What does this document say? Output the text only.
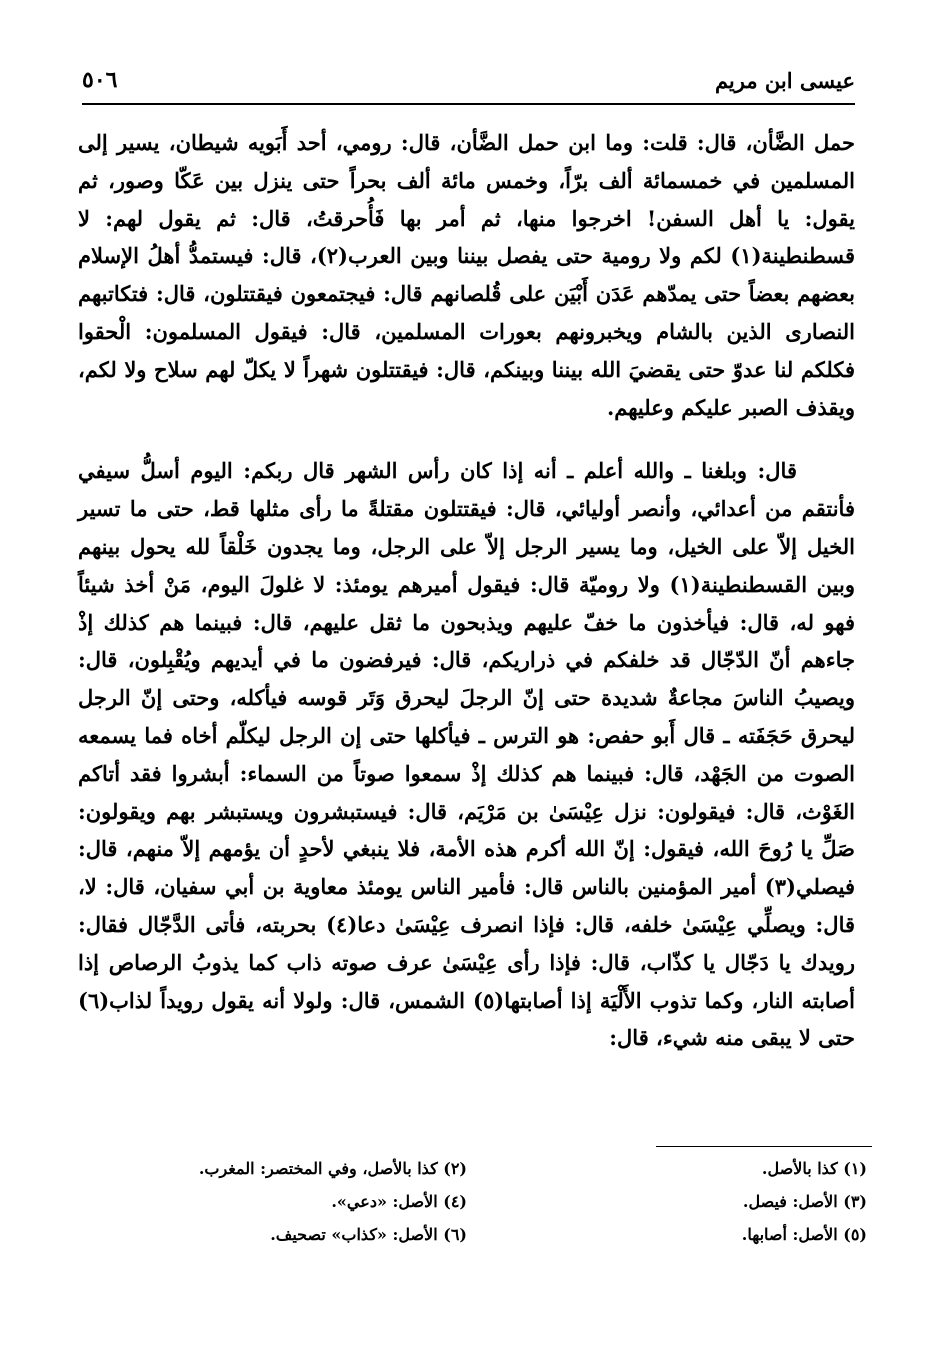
عيسى ابن مريم
٥٠٦

حمل الضَّأن، قال: قلت: وما ابن حمل الضَّأن، قال: رومي، أحد أَبَويه شيطان، يسير إلى المسلمين في خمسمائة ألف برّاً، وخمس مائة ألف بحراً حتى ينزل بين عَكّا وصور، ثم يقول: يا أهل السفن! اخرجوا منها، ثم أمر بها فَأُحرقتُ، قال: ثم يقول لهم: لا قسطنطينة(١) لكم ولا رومية حتى يفصل بيننا وبين العرب(٢)، قال: فيستمدُّ أهلُ الإسلام بعضهم بعضاً حتى يمدّهم عَدَن أَبْيَن على قُلصانهم قال: فيجتمعون فيقتتلون، قال: فتكاتبهم النصارى الذين بالشام ويخبرونهم بعورات المسلمين، قال: فيقول المسلمون: الْحقوا فكلكم لنا عدوّ حتى يقضيَ الله بيننا وبينكم، قال: فيقتتلون شهراً لا يكلّ لهم سلاح ولا لكم، ويقذف الصبر عليكم وعليهم.

قال: وبلغنا ـ والله أعلم ـ أنه إذا كان رأس الشهر قال ربكم: اليوم أسلُّ سيفي فأنتقم من أعدائي، وأنصر أوليائي، قال: فيقتتلون مقتلةً ما رأى مثلها قط، حتى ما تسير الخيل إلاّ على الخيل، وما يسير الرجل إلاّ على الرجل، وما يجدون خَلْقاً لله يحول بينهم وبين القسطنطينة(١) ولا روميّة قال: فيقول أميرهم يومئذ: لا غلولَ اليوم، مَنْ أخذ شيئاً فهو له، قال: فيأخذون ما خفّ عليهم ويذبحون ما ثقل عليهم، قال: فبينما هم كذلك إذْ جاءهم أنّ الدّجّال قد خلفكم في ذراريكم، قال: فيرفضون ما في أيديهم ويُقْبِلون، قال: ويصيبُ الناسَ مجاعةٌ شديدة حتى إنّ الرجلَ ليحرق وَتَر قوسه فيأكله، وحتى إنّ الرجل ليحرق حَجَفَته ـ قال أَبو حفص: هو الترس ـ فيأكلها حتى إن الرجل ليكلّم أخاه فما يسمعه الصوت من الجَهْد، قال: فبينما هم كذلك إذْ سمعوا صوتاً من السماء: أبشروا فقد أتاكم الغَوْث، قال: فيقولون: نزل عِيْسَىٰ بن مَرْيَم، قال: فيستبشرون ويستبشر بهم ويقولون: صَلِّ يا رُوحَ الله، فيقول: إنّ الله أكرم هذه الأمة، فلا ينبغي لأحدٍ أن يؤمهم إلاّ منهم، قال: فيصلي(٣) أمير المؤمنين بالناس قال: فأمير الناس يومئذ معاوية بن أبي سفيان، قال: لا، قال: ويصلِّي عِيْسَىٰ خلفه، قال: فإذا انصرف عِيْسَىٰ دعا(٤) بحربته، فأتى الدَّجّال فقال: رويدك يا دَجّال يا كذّاب، قال: فإذا رأى عِيْسَىٰ عرف صوته ذاب كما يذوبُ الرصاص إذا أصابته النار، وكما تذوب الأَلْيَة إذا أصابتها(٥) الشمس، قال: ولولا أنه يقول رويداً لذاب(٦) حتى لا يبقى منه شيء، قال:

(١) كذا بالأصل.
(٢) كذا بالأصل، وفي المختصر: المغرب.
(٣) الأصل: فيصل.
(٤) الأصل: «دعي».
(٥) الأصل: أصابها.
(٦) الأصل: «كذاب» تصحيف.
